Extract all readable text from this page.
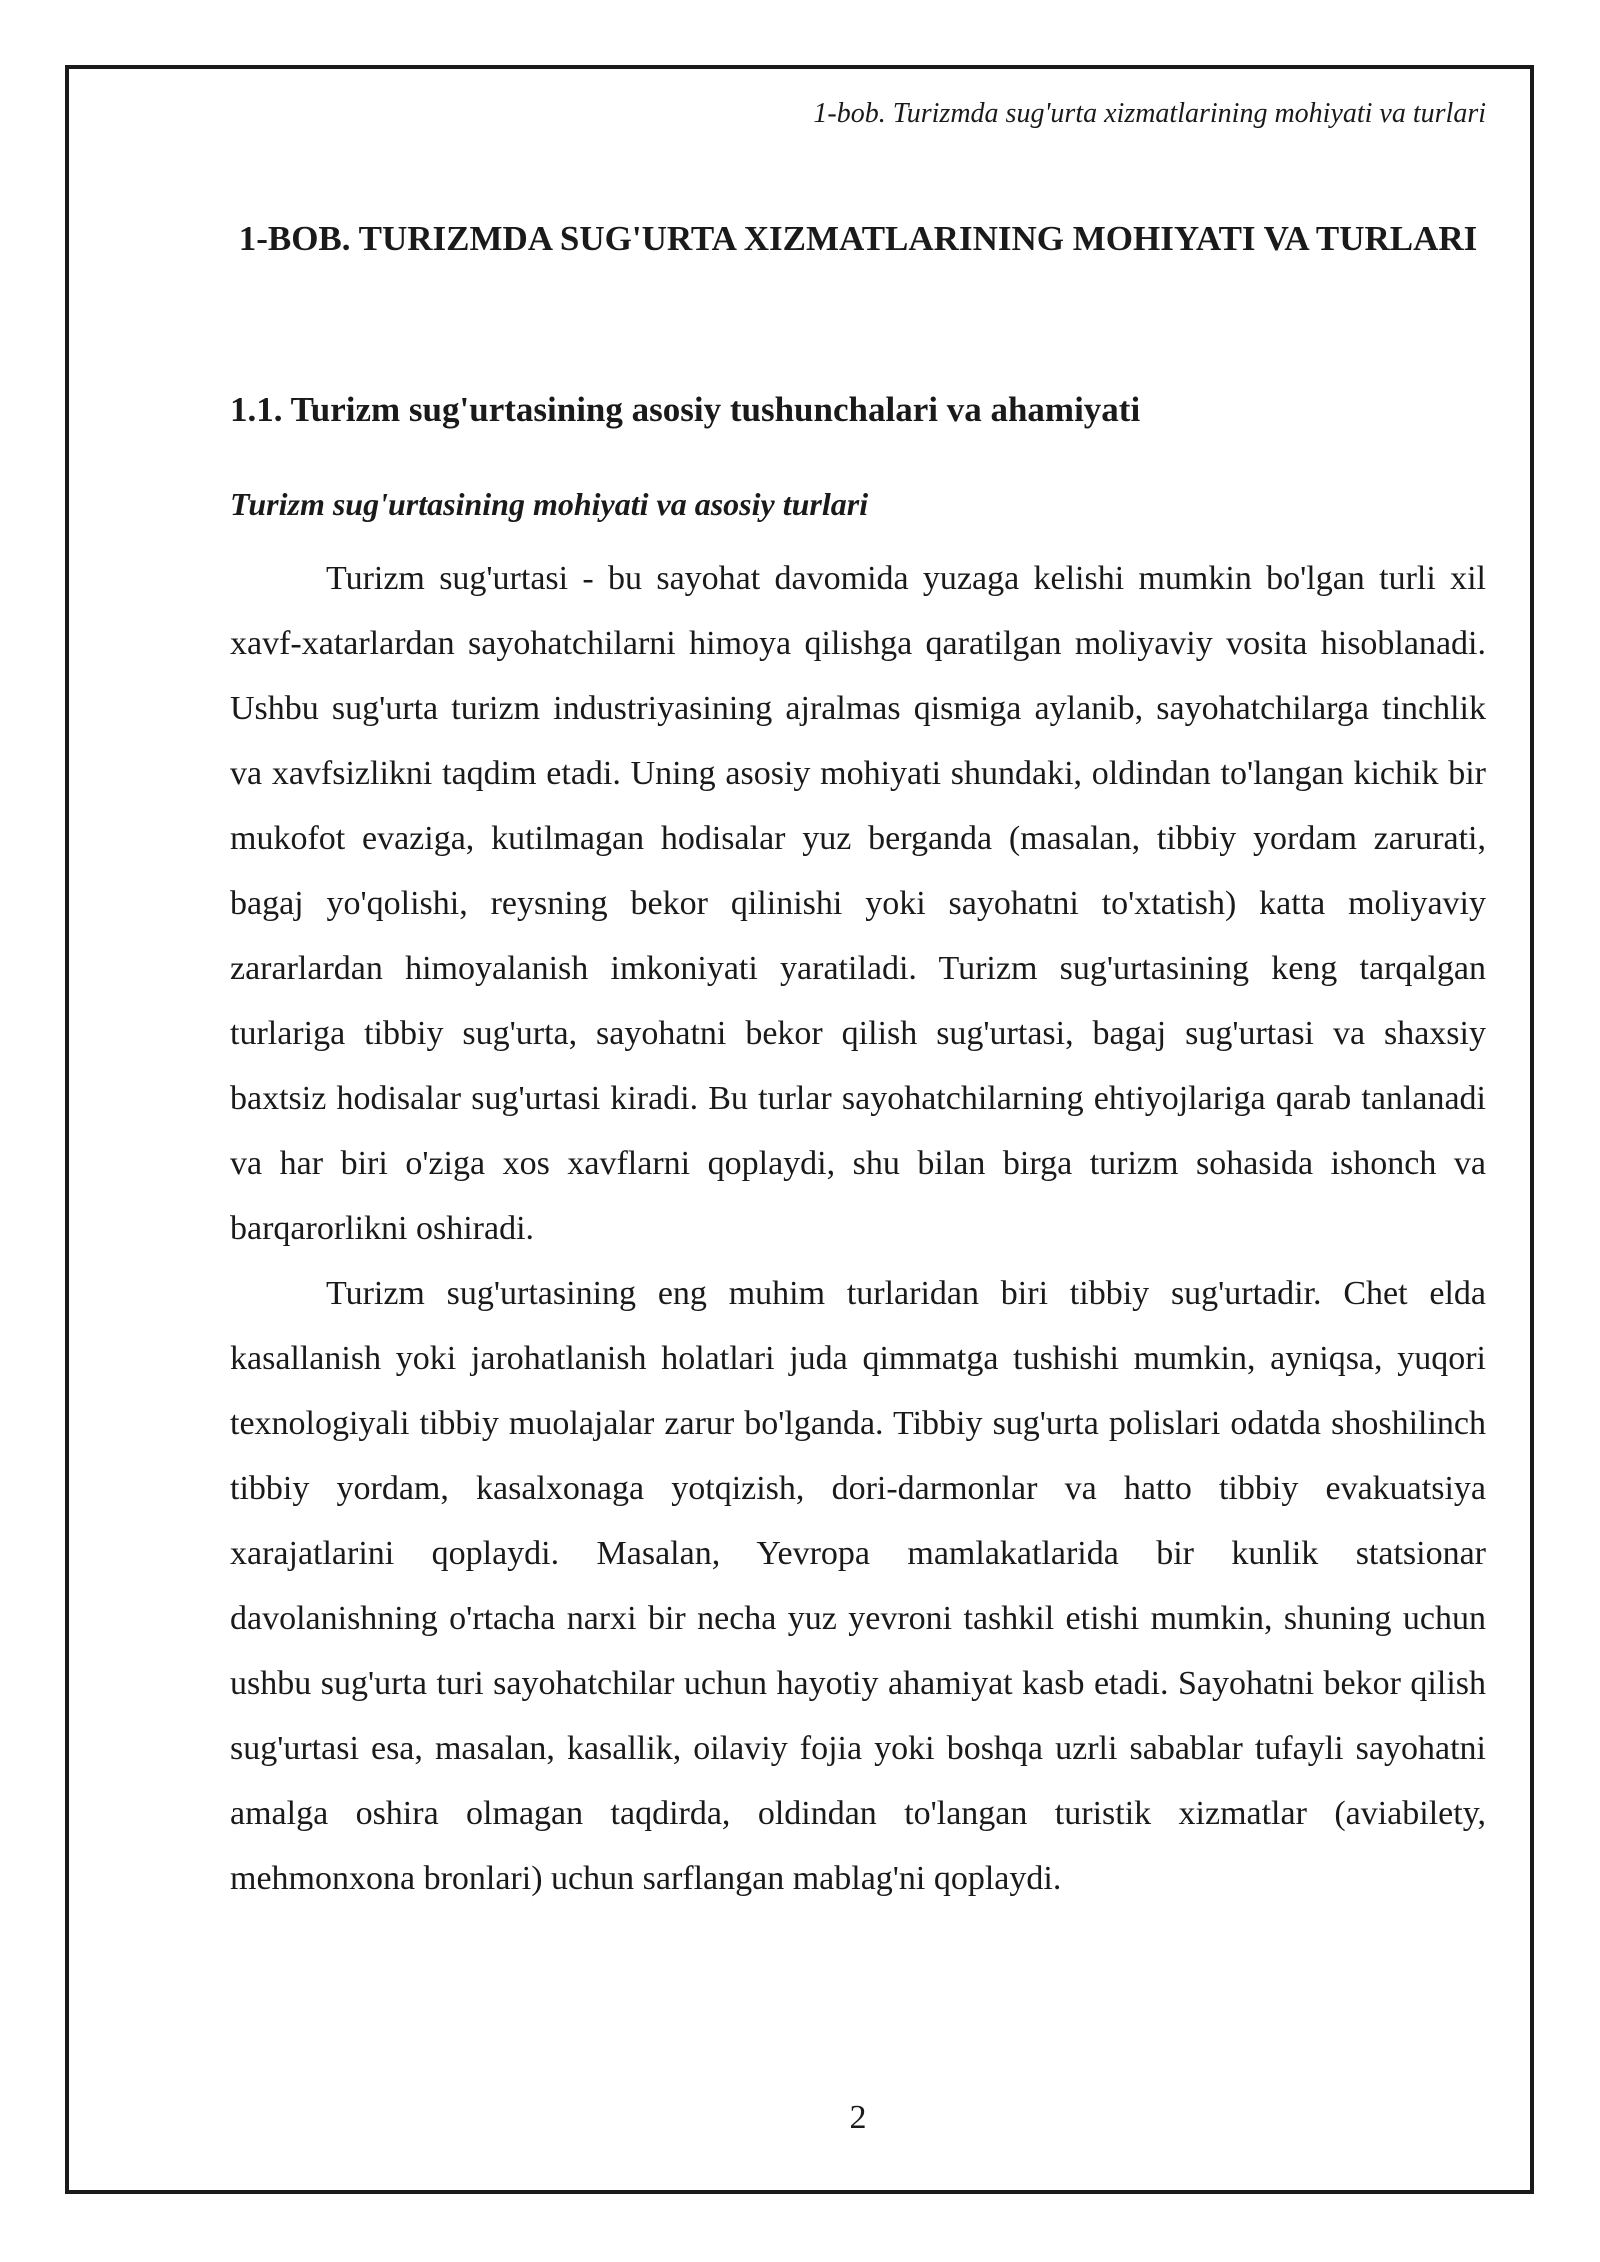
1-bob. Turizmda sug'urta xizmatlarining mohiyati va turlari
1-BOB. TURIZMDA SUG'URTA XIZMATLARINING MOHIYATI VA TURLARI
1.1. Turizm sug'urtasining asosiy tushunchalari va ahamiyati
Turizm sug'urtasining mohiyati va asosiy turlari

Turizm sug'urtasi - bu sayohat davomida yuzaga kelishi mumkin bo'lgan turli xil xavf-xatarlardan sayohatchilarni himoya qilishga qaratilgan moliyaviy vosita hisoblanadi. Ushbu sug'urta turizm industriyasining ajralmas qismiga aylanib, sayohatchilarga tinchlik va xavfsizlikni taqdim etadi. Uning asosiy mohiyati shundaki, oldindan to'langan kichik bir mukofot evaziga, kutilmagan hodisalar yuz berganda (masalan, tibbiy yordam zarurati, bagaj yo'qolishi, reysning bekor qilinishi yoki sayohatni to'xtatish) katta moliyaviy zararlardan himoyalanish imkoniyati yaratiladi. Turizm sug'urtasining keng tarqalgan turlariga tibbiy sug'urta, sayohatni bekor qilish sug'urtasi, bagaj sug'urtasi va shaxsiy baxtsiz hodisalar sug'urtasi kiradi. Bu turlar sayohatchilarning ehtiyojlariga qarab tanlanadi va har biri o'ziga xos xavflarni qoplaydi, shu bilan birga turizm sohasida ishonch va barqarorlikni oshiradi.

Turizm sug'urtasining eng muhim turlaridan biri tibbiy sug'urtadir. Chet elda kasallanish yoki jarohatlanish holatlari juda qimmatga tushishi mumkin, ayniqsa, yuqori texnologiyali tibbiy muolajalar zarur bo'lganda. Tibbiy sug'urta polislari odatda shoshilinch tibbiy yordam, kasalxonaga yotqizish, dori-darmonlar va hatto tibbiy evakuatsiya xarajatlarini qoplaydi. Masalan, Yevropa mamlakatlarida bir kunlik statsionar davolanishning o'rtacha narxi bir necha yuz yevroni tashkil etishi mumkin, shuning uchun ushbu sug'urta turi sayohatchilar uchun hayotiy ahamiyat kasb etadi. Sayohatni bekor qilish sug'urtasi esa, masalan, kasallik, oilaviy fojia yoki boshqa uzrli sabablar tufayli sayohatni amalga oshira olmagan taqdirda, oldindan to'langan turistik xizmatlar (aviabilety, mehmonxona bronlari) uchun sarflangan mablag'ni qoplaydi.

2
